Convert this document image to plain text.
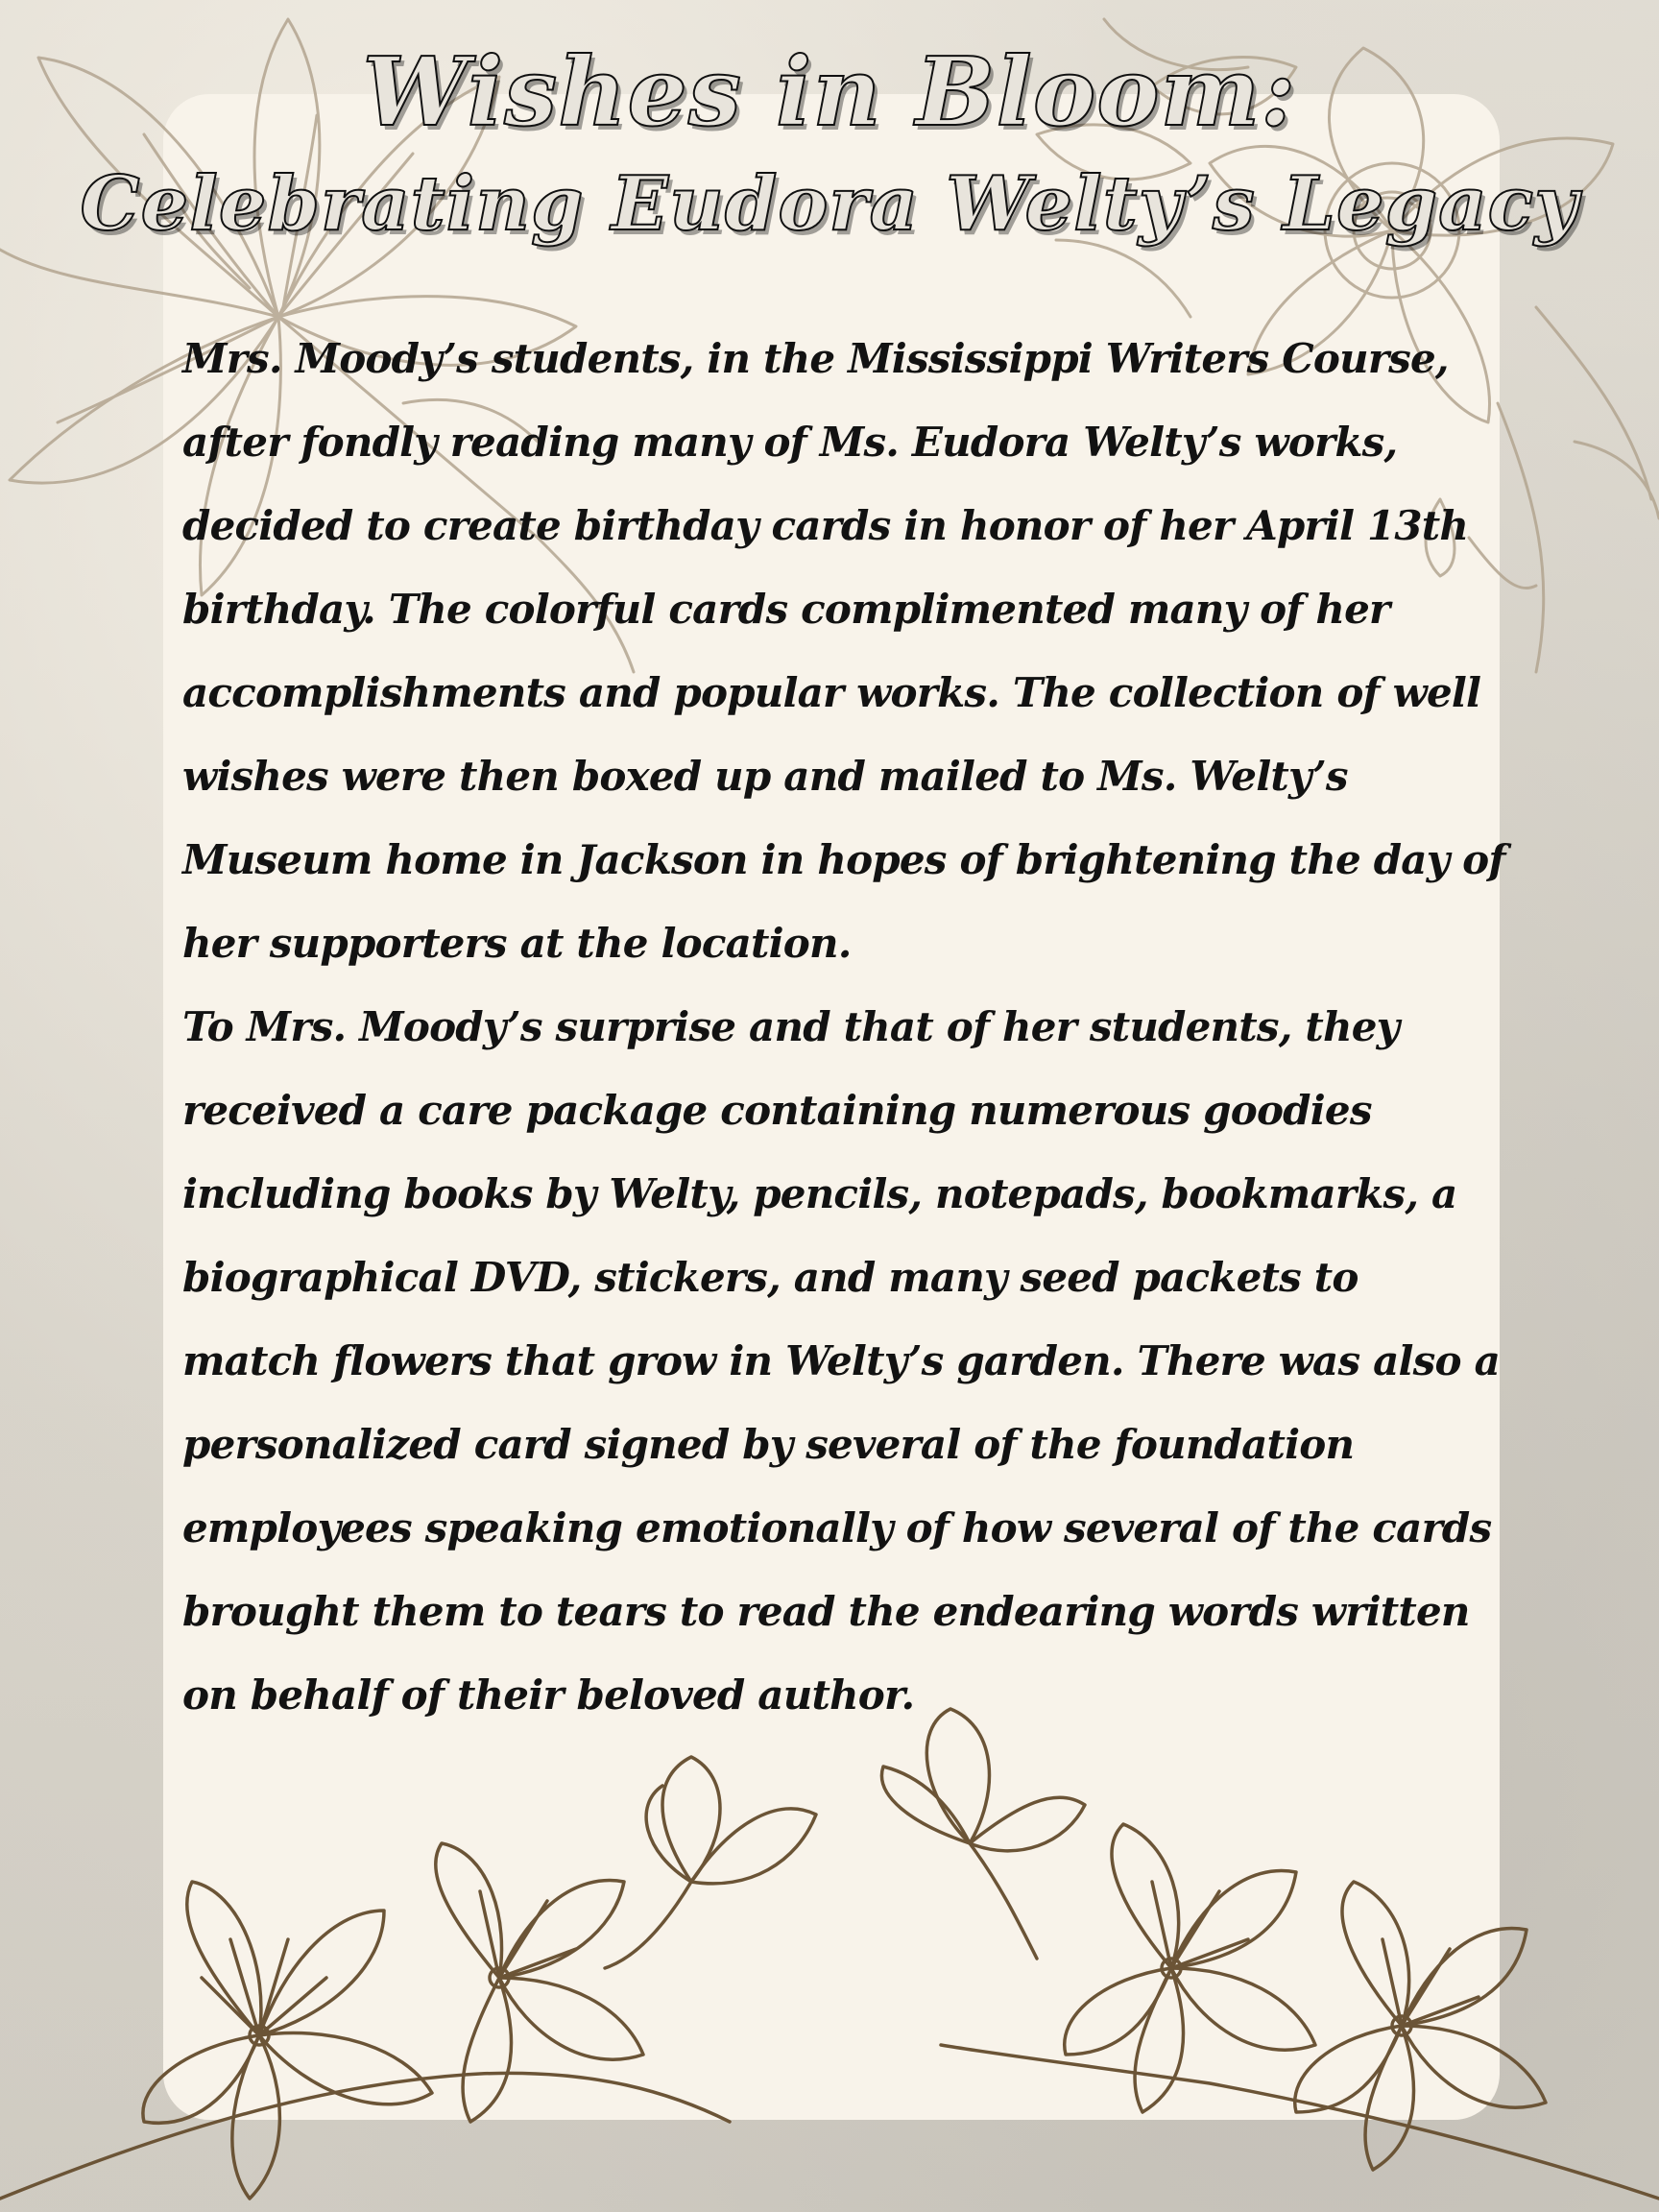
Wishes in Bloom:
Celebrating Eudora Welty’s Legacy

Mrs. Moody’s students, in the Mississippi Writers Course, after fondly reading many of Ms. Eudora Welty’s works, decided to create birthday cards in honor of her April 13th birthday. The colorful cards complimented many of her accomplishments and popular works. The collection of well wishes were then boxed up and mailed to Ms. Welty’s Museum home in Jackson in hopes of brightening the day of her supporters at the location.

To Mrs. Moody’s surprise and that of her students, they received a care package containing numerous goodies including books by Welty, pencils, notepads, bookmarks, a biographical DVD, stickers, and many seed packets to match flowers that grow in Welty’s garden. There was also a personalized card signed by several of the foundation employees speaking emotionally of how several of the cards brought them to tears to read the endearing words written on behalf of their beloved author.
